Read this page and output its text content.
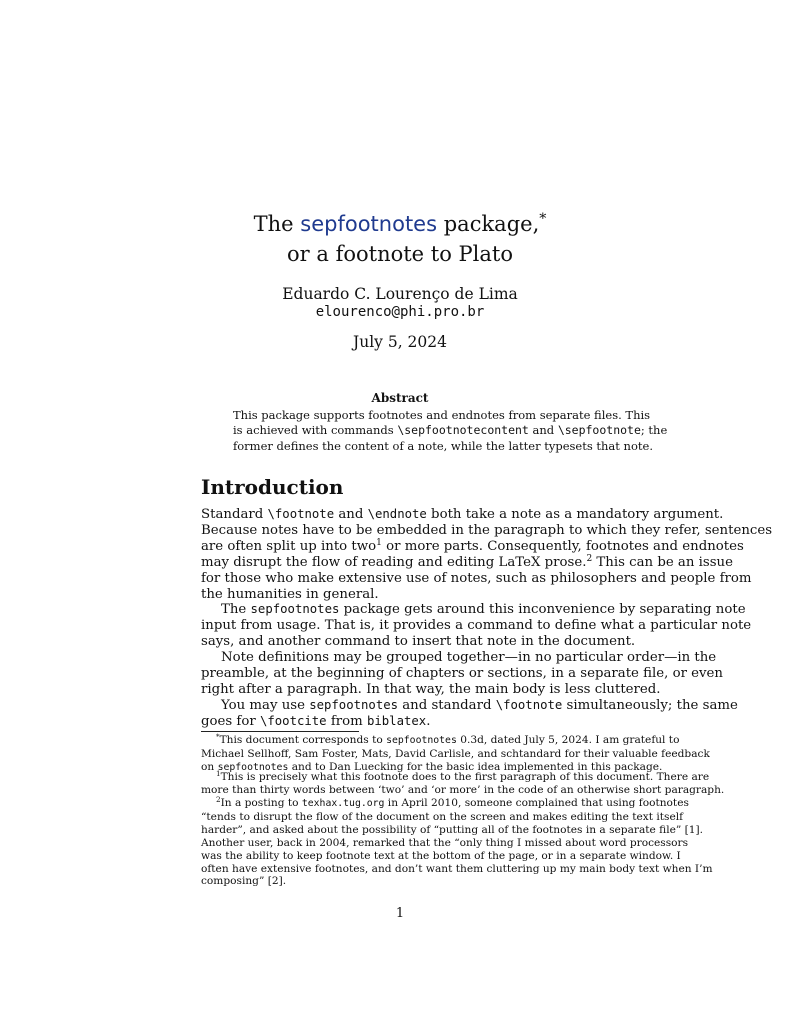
The sepfootnotes package,*
or a footnote to Plato
Eduardo C. Lourenço de Lima
elourenco@phi.pro.br
July 5, 2024
Abstract
This package supports footnotes and endnotes from separate files. This
is achieved with commands \sepfootnotecontent and \sepfootnote; the
former defines the content of a note, while the latter typesets that note.
Introduction
Standard \footnote and \endnote both take a note as a mandatory argument.
Because notes have to be embedded in the paragraph to which they refer, sentences
are often split up into two$^1$ or more parts. Consequently, footnotes and endnotes
may disrupt the flow of reading and editing LaTeX prose.$^2$ This can be an issue
for those who make extensive use of notes, such as philosophers and people from
the humanities in general.
The sepfootnotes package gets around this inconvenience by separating note
input from usage. That is, it provides a command to define what a particular note
says, and another command to insert that note in the document.
Note definitions may be grouped together—in no particular order—in the
preamble, at the beginning of chapters or sections, in a separate file, or even
right after a paragraph. In that way, the main body is less cluttered.
You may use sepfootnotes and standard \footnote simultaneously; the same
goes for \footcite from biblatex.
*This document corresponds to sepfootnotes 0.3d, dated July 5, 2024. I am grateful to
Michael Sellhoff, Sam Foster, Mats, David Carlisle, and schtandard for their valuable feedback
on sepfootnotes and to Dan Luecking for the basic idea implemented in this package.
$^1$This is precisely what this footnote does to the first paragraph of this document. There are
more than thirty words between ‘two’ and ‘or more’ in the code of an otherwise short paragraph.
$^2$In a posting to texhax.tug.org in April 2010, someone complained that using footnotes
“tends to disrupt the flow of the document on the screen and makes editing the text itself
harder”, and asked about the possibility of “putting all of the footnotes in a separate file” [1].
Another user, back in 2004, remarked that the “only thing I missed about word processors
was the ability to keep footnote text at the bottom of the page, or in a separate window. I
often have extensive footnotes, and don’t want them cluttering up my main body text when I’m
composing” [2].
1
